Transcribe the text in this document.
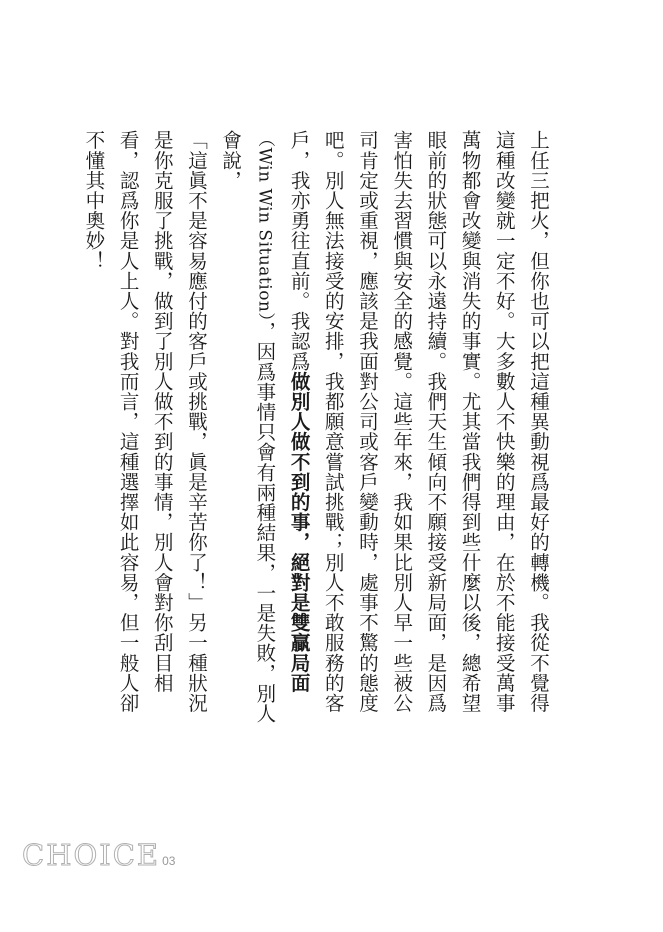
上任三把火，但你也可以把這種異動視爲最好的轉機。我從不覺得這種改變就一定不好。大多數人不快樂的理由，在於不能接受萬事萬物都會改變與消失的事實。尤其當我們得到些什麼以後，總希望眼前的狀態可以永遠持續。我們天生傾向不願接受新局面，是因爲害怕失去習慣與安全的感覺。這些年來，我如果比別人早一些被公司肯定或重視，應該是我面對公司或客戶變動時，處事不驚的態度吧。別人無法接受的安排，我都願意嘗試挑戰；別人不敢服務的客戶，我亦勇往直前。我認爲做別人做不到的事，絕對是雙贏局面（Win Win Situation），因爲事情只會有兩種結果，一是失敗，別人會說，

「這眞不是容易應付的客戶或挑戰，眞是辛苦你了！」另一種狀況是你克服了挑戰，做到了別人做不到的事情，別人會對你刮目相看，認爲你是人上人。對我而言，這種選擇如此容易，但一般人卻不懂其中奧妙！

CHOICE 03
